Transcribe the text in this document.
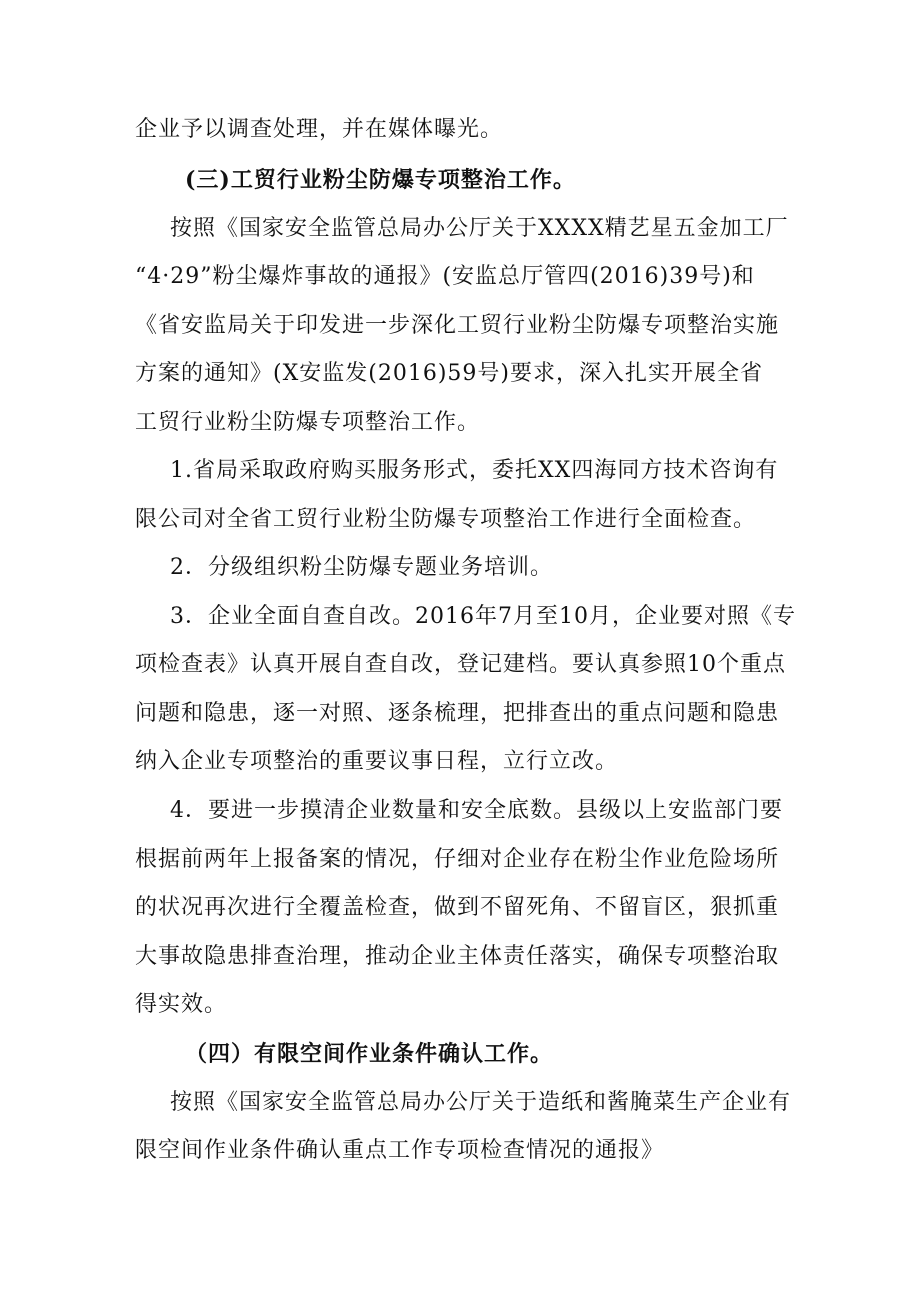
企业予以调查处理，并在媒体曝光。
(三)工贸行业粉尘防爆专项整治工作。
按照《国家安全监管总局办公厅关于XXXX精艺星五金加工厂
“4·29”粉尘爆炸事故的通报》(安监总厅管四(2016)39号)和
《省安监局关于印发进一步深化工贸行业粉尘防爆专项整治实施
方案的通知》(X安监发(2016)59号)要求，深入扎实开展全省
工贸行业粉尘防爆专项整治工作。
1.省局采取政府购买服务形式，委托XX四海同方技术咨询有
限公司对全省工贸行业粉尘防爆专项整治工作进行全面检查。
2．分级组织粉尘防爆专题业务培训。
3．企业全面自查自改。2016年7月至10月，企业要对照《专
项检查表》认真开展自查自改，登记建档。要认真参照10个重点
问题和隐患，逐一对照、逐条梳理，把排查出的重点问题和隐患
纳入企业专项整治的重要议事日程，立行立改。
4．要进一步摸清企业数量和安全底数。县级以上安监部门要
根据前两年上报备案的情况，仔细对企业存在粉尘作业危险场所
的状况再次进行全覆盖检查，做到不留死角、不留盲区，狠抓重
大事故隐患排查治理，推动企业主体责任落实，确保专项整治取
得实效。
（四）有限空间作业条件确认工作。
按照《国家安全监管总局办公厅关于造纸和酱腌菜生产企业有
限空间作业条件确认重点工作专项检查情况的通报》
